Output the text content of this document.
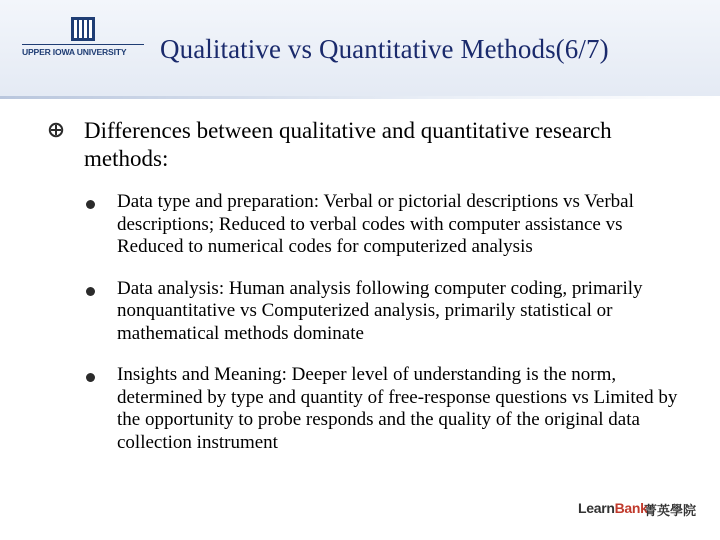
UPPER IOWA UNIVERSITY	Qualitative vs Quantitative Methods(6/7)
Differences between qualitative and quantitative research methods:
Data type and preparation: Verbal or pictorial descriptions vs Verbal descriptions; Reduced to verbal codes with computer assistance vs Reduced to numerical codes for computerized analysis
Data analysis: Human analysis following computer coding, primarily nonquantitative vs Computerized analysis, primarily statistical or mathematical methods dominate
Insights and Meaning: Deeper level of understanding is the norm, determined by type and quantity of free-response questions vs Limited by the opportunity to probe responds and the quality of the original data collection instrument
LearnBank
菁英學院
